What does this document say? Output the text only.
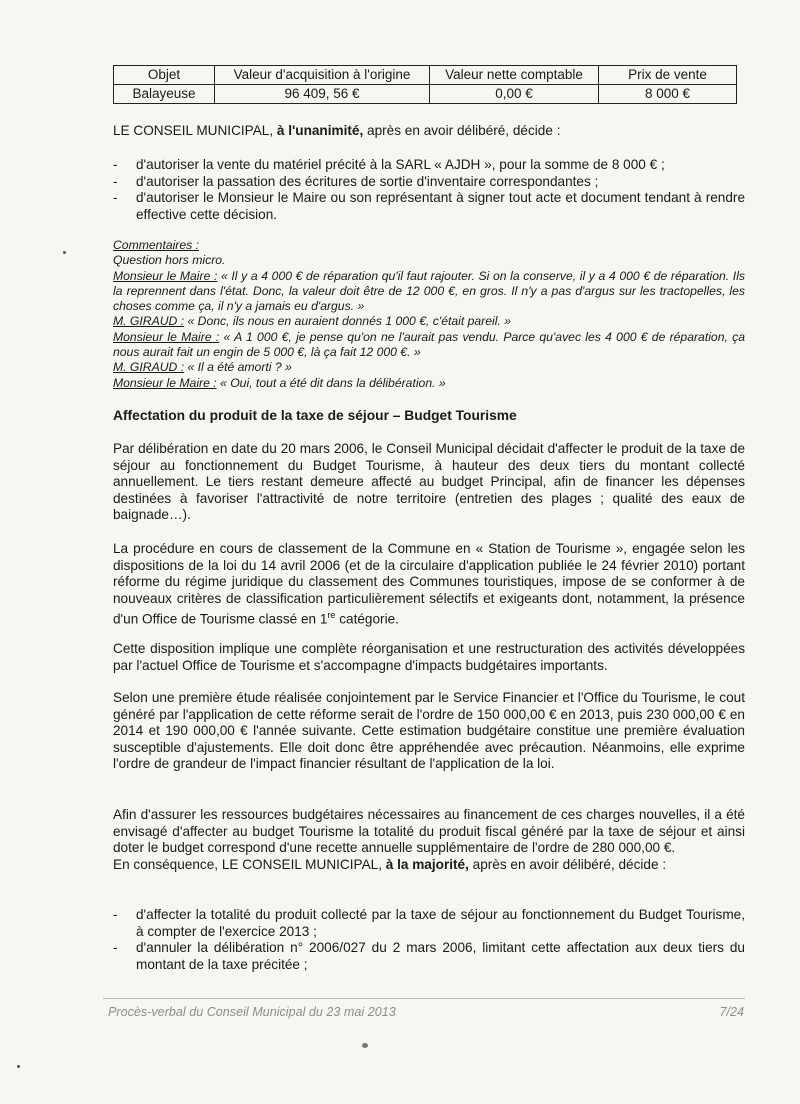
Objet	Valeur d'acquisition à l'origine	Valeur nette comptable	Prix de vente
Balayeuse	96 409, 56 €	0,00 €	8 000 €

LE CONSEIL MUNICIPAL, à l'unanimité, après en avoir délibéré, décide :

- d'autoriser la vente du matériel précité à la SARL « AJDH », pour la somme de 8 000 € ;
- d'autoriser la passation des écritures de sortie d'inventaire correspondantes ;
- d'autoriser le Monsieur le Maire ou son représentant à signer tout acte et document tendant à rendre effective cette décision.
Commentaires :
Question hors micro.
Monsieur le Maire : « Il y a 4 000 € de réparation qu'il faut rajouter. Si on la conserve, il y a 4 000 € de réparation. Ils la reprennent dans l'état. Donc, la valeur doit être de 12 000 €, en gros. Il n'y a pas d'argus sur les tractopelles, les choses comme ça, il n'y a jamais eu d'argus. »
M. GIRAUD : « Donc, ils nous en auraient donnés 1 000 €, c'était pareil. »
Monsieur le Maire : « A 1 000 €, je pense qu'on ne l'aurait pas vendu. Parce qu'avec les 4 000 € de réparation, ça nous aurait fait un engin de 5 000 €, là ça fait 12 000 €. »
M. GIRAUD : « Il a été amorti ? »
Monsieur le Maire : « Oui, tout a été dit dans la délibération. »
Affectation du produit de la taxe de séjour – Budget Tourisme

Par délibération en date du 20 mars 2006, le Conseil Municipal décidait d'affecter le produit de la taxe de séjour au fonctionnement du Budget Tourisme, à hauteur des deux tiers du montant collecté annuellement. Le tiers restant demeure affecté au budget Principal, afin de financer les dépenses destinées à favoriser l'attractivité de notre territoire (entretien des plages ; qualité des eaux de baignade…).

La procédure en cours de classement de la Commune en « Station de Tourisme », engagée selon les dispositions de la loi du 14 avril 2006 (et de la circulaire d'application publiée le 24 février 2010) portant réforme du régime juridique du classement des Communes touristiques, impose de se conformer à de nouveaux critères de classification particulièrement sélectifs et exigeants dont, notamment, la présence d'un Office de Tourisme classé en 1re catégorie.

Cette disposition implique une complète réorganisation et une restructuration des activités développées par l'actuel Office de Tourisme et s'accompagne d'impacts budgétaires importants.

Selon une première étude réalisée conjointement par le Service Financier et l'Office du Tourisme, le cout généré par l'application de cette réforme serait de l'ordre de 150 000,00 € en 2013, puis 230 000,00 € en 2014 et 190 000,00 € l'année suivante. Cette estimation budgétaire constitue une première évaluation susceptible d'ajustements. Elle doit donc être appréhendée avec précaution. Néanmoins, elle exprime l'ordre de grandeur de l'impact financier résultant de l'application de la loi.

Afin d'assurer les ressources budgétaires nécessaires au financement de ces charges nouvelles, il a été envisagé d'affecter au budget Tourisme la totalité du produit fiscal généré par la taxe de séjour et ainsi doter le budget correspond d'une recette annuelle supplémentaire de l'ordre de 280 000,00 €.

En conséquence, LE CONSEIL MUNICIPAL, à la majorité, après en avoir délibéré, décide :

- d'affecter la totalité du produit collecté par la taxe de séjour au fonctionnement du Budget Tourisme, à compter de l'exercice 2013 ;
- d'annuler la délibération n° 2006/027 du 2 mars 2006, limitant cette affectation aux deux tiers du montant de la taxe précitée ;
Procès-verbal du Conseil Municipal du 23 mai 2013	7/24
